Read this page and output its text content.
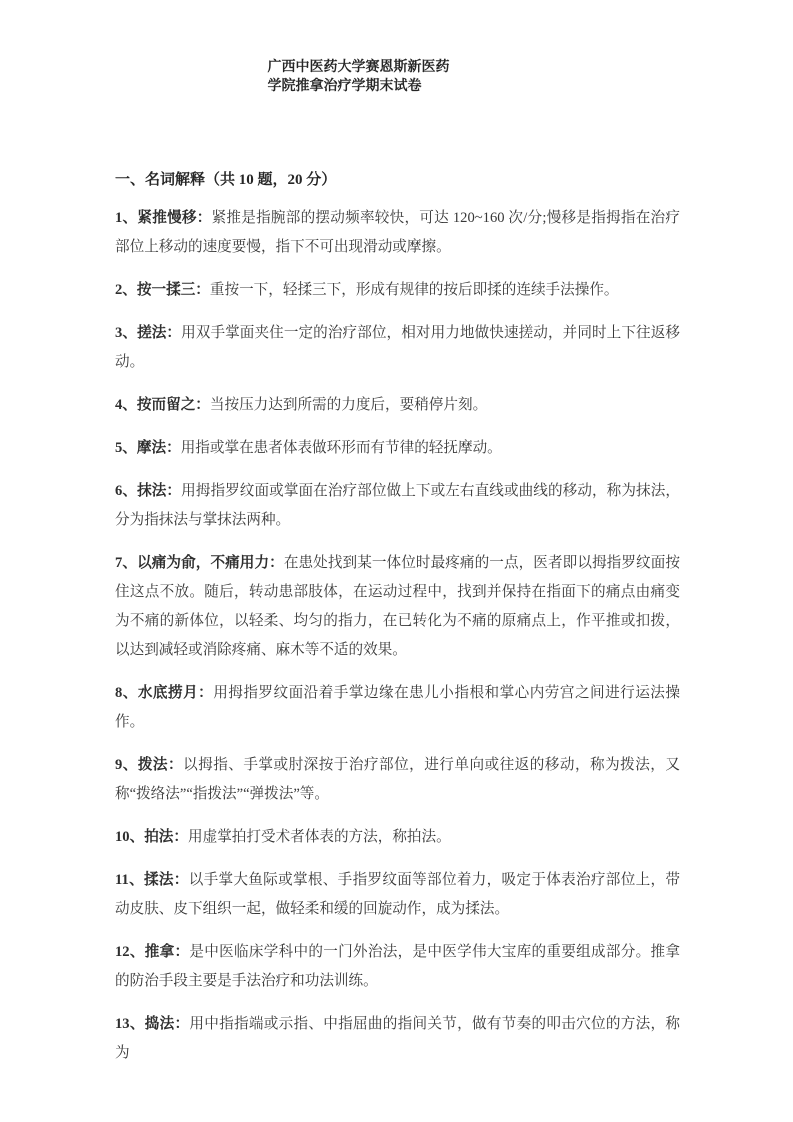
广西中医药大学赛恩斯新医药
学院推拿治疗学期末试卷
一、名词解释（共 10 题，20 分）

1、紧推慢移：紧推是指腕部的摆动频率较快，可达 120~160 次/分;慢移是指拇指在治疗部位上移动的速度要慢，指下不可出现滑动或摩擦。

2、按一揉三：重按一下，轻揉三下，形成有规律的按后即揉的连续手法操作。

3、搓法：用双手掌面夹住一定的治疗部位，相对用力地做快速搓动，并同时上下往返移动。

4、按而留之：当按压力达到所需的力度后，要稍停片刻。

5、摩法：用指或掌在患者体表做环形而有节律的轻抚摩动。

6、抹法：用拇指罗纹面或掌面在治疗部位做上下或左右直线或曲线的移动，称为抹法，分为指抹法与掌抹法两种。

7、以痛为俞，不痛用力：在患处找到某一体位时最疼痛的一点，医者即以拇指罗纹面按住这点不放。随后，转动患部肢体，在运动过程中，找到并保持在指面下的痛点由痛变为不痛的新体位，以轻柔、均匀的指力，在已转化为不痛的原痛点上，作平推或扣拨，以达到减轻或消除疼痛、麻木等不适的效果。

8、水底捞月：用拇指罗纹面沿着手掌边缘在患儿小指根和掌心内劳宫之间进行运法操作。

9、拨法：以拇指、手掌或肘深按于治疗部位，进行单向或往返的移动，称为拨法，又称“拨络法”“指拨法”“弹拨法”等。

10、拍法：用虚掌拍打受术者体表的方法，称拍法。

11、揉法：以手掌大鱼际或掌根、手指罗纹面等部位着力，吸定于体表治疗部位上，带动皮肤、皮下组织一起，做轻柔和缓的回旋动作，成为揉法。

12、推拿：是中医临床学科中的一门外治法，是中医学伟大宝库的重要组成部分。推拿的防治手段主要是手法治疗和功法训练。

13、捣法：用中指指端或示指、中指屈曲的指间关节，做有节奏的叩击穴位的方法，称为
